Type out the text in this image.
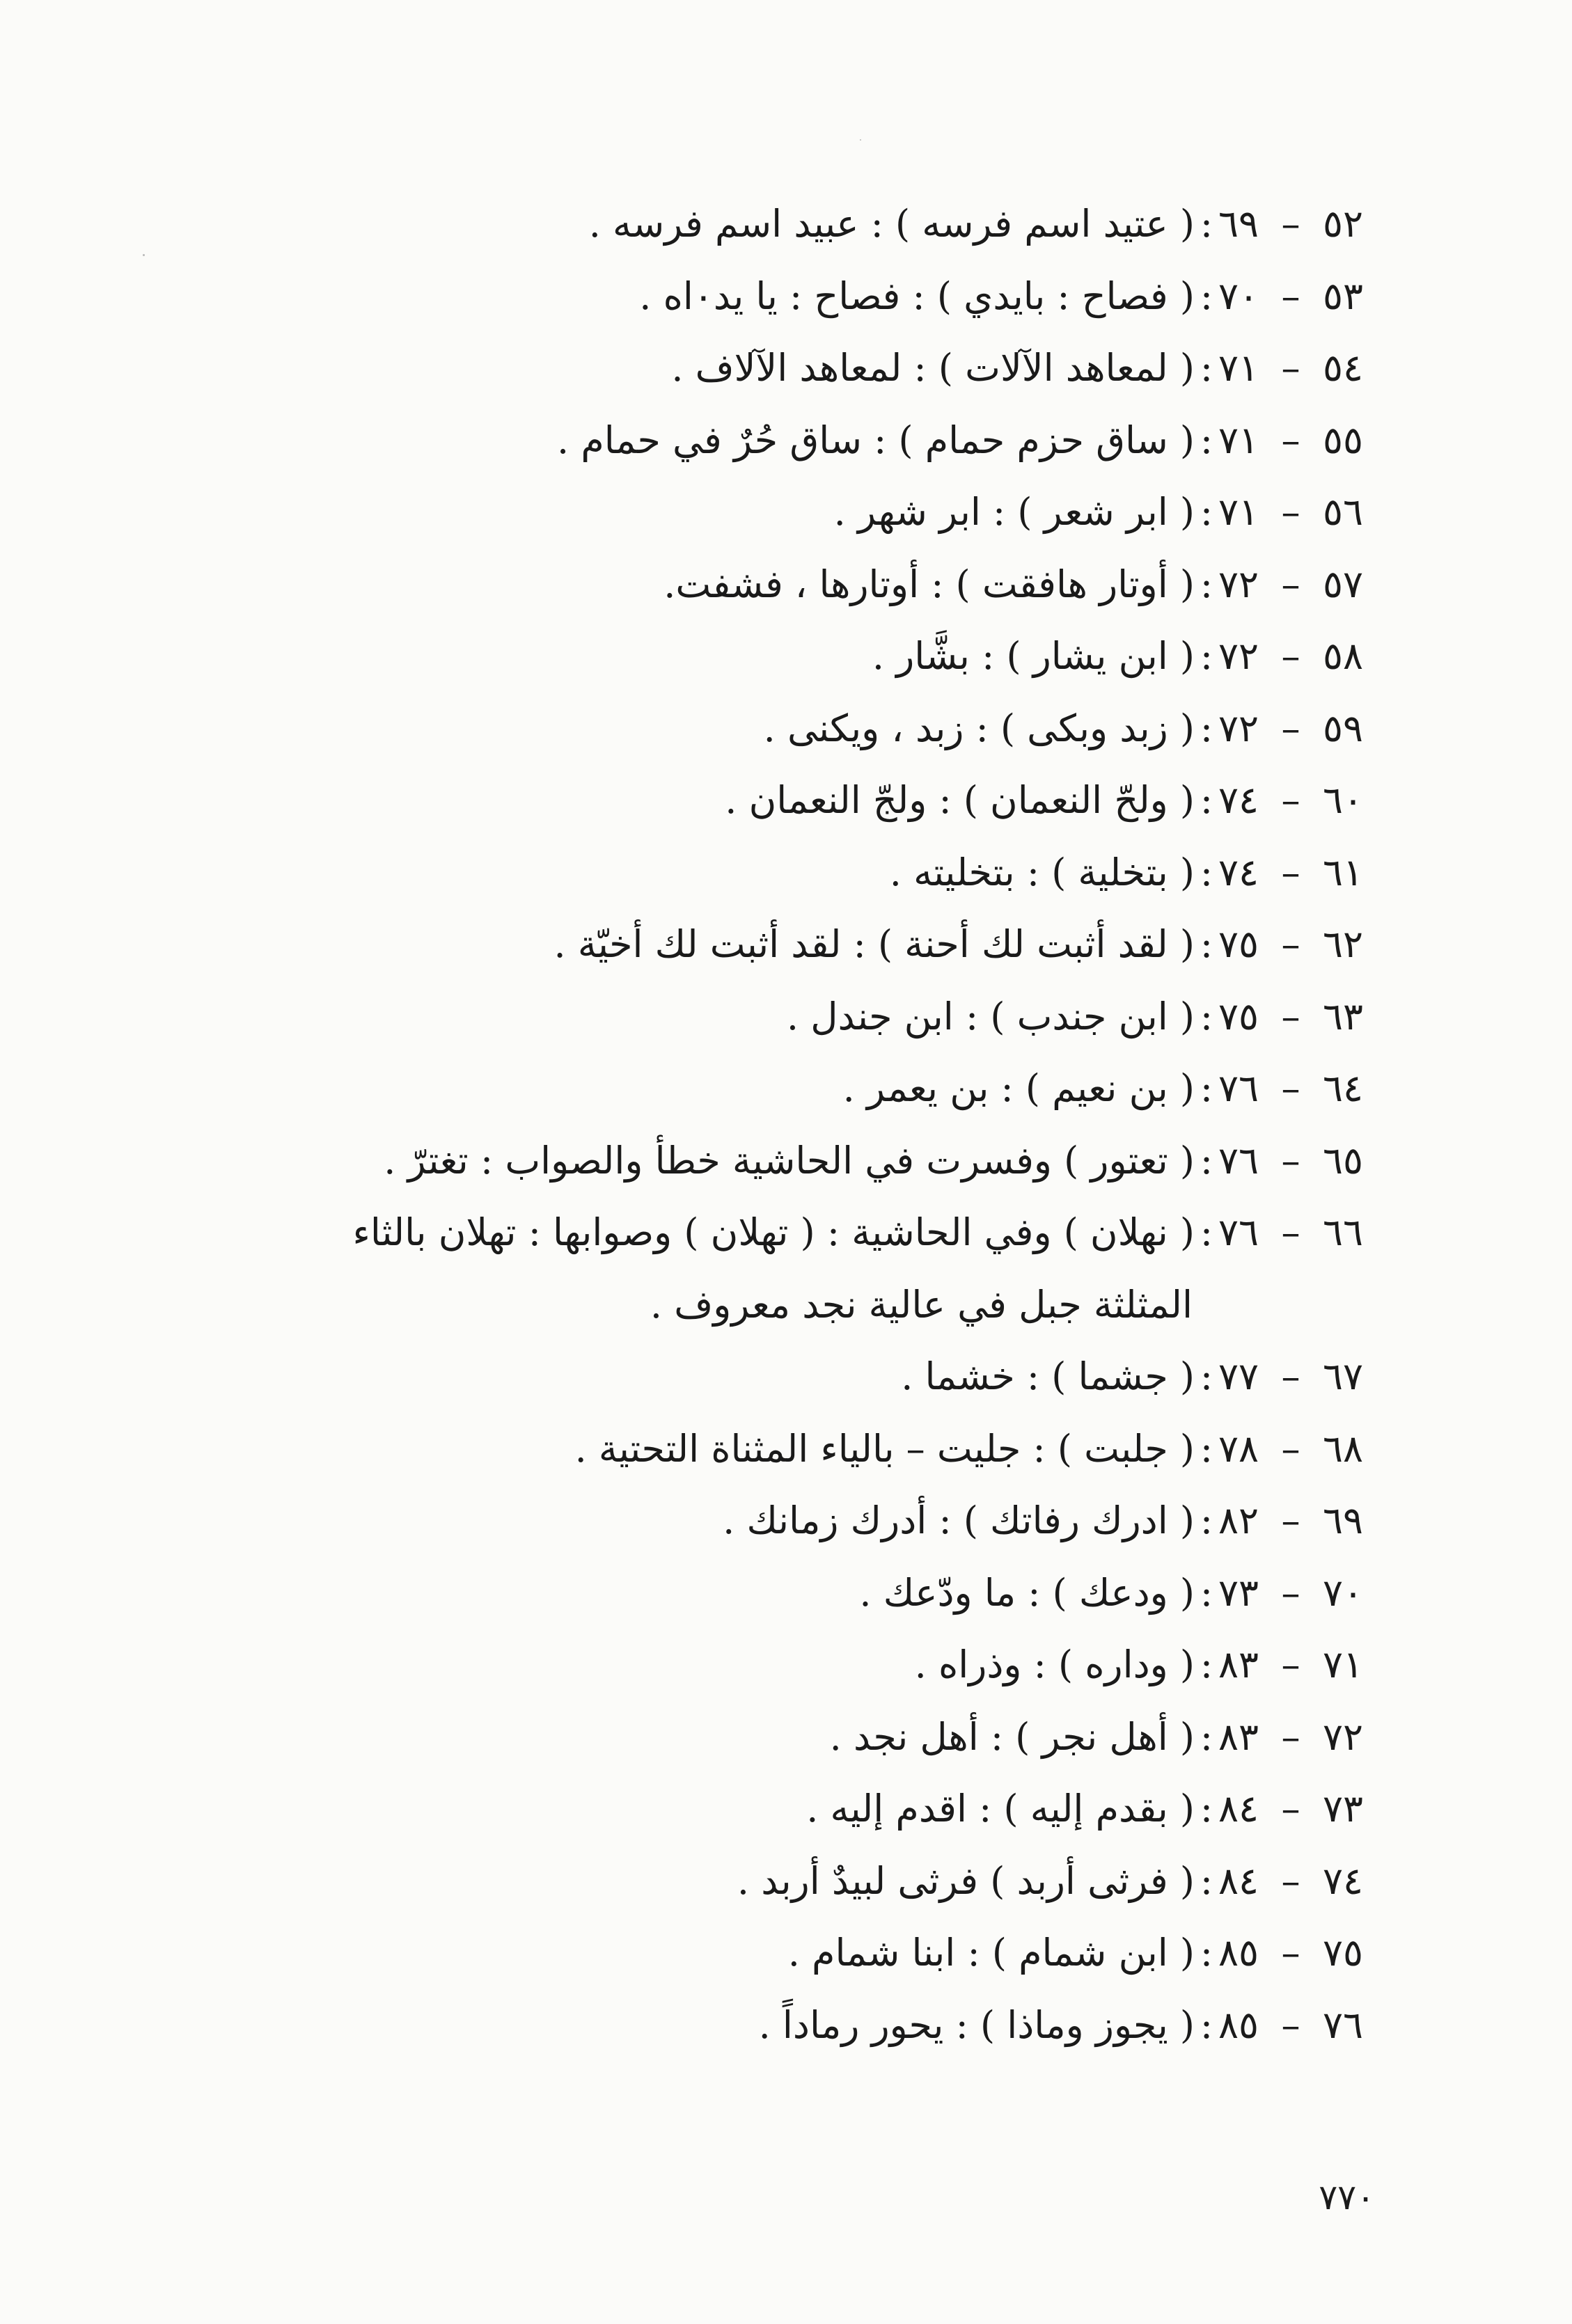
٥٢–٦٩:( عتيد اسم فرسه ) : عبيد اسم فرسه .
٥٣–٧٠:( فصاح : بايدي ) : فصاح : يا يد٠اه .
٥٤–٧١:( لمعاهد الآلات ) : لمعاهد الآلاف .
٥٥–٧١:( ساق حزم حمام ) : ساق حُرٌ في حمام .
٥٦–٧١:( ابر شعر ) : ابر شهر .
٥٧–٧٢:( أوتار هافقت ) : أوتارها ، فشفت.
٥٨–٧٢:( ابن يشار ) : بشَّار .
٥٩–٧٢:( زبد وبكى ) : زبد ، ويكنى .
٦٠–٧٤:( ولحّ النعمان ) : ولجّ النعمان .
٦١–٧٤:( بتخلية ) : بتخليته .
٦٢–٧٥:( لقد أثبت لك أحنة ) : لقد أثبت لك أخيّة .
٦٣–٧٥:( ابن جندب ) : ابن جندل .
٦٤–٧٦:( بن نعيم ) : بن يعمر .
٦٥–٧٦:( تعتور ) وفسرت في الحاشية خطأ والصواب : تغترّ .
٦٦–٧٦:( نهلان ) وفي الحاشية : ( تهلان ) وصوابها : تهلان بالثاء
المثلثة جبل في عالية نجد معروف .
٦٧–٧٧:( جشما ) : خشما .
٦٨–٧٨:( جلبت ) : جليت – بالياء المثناة التحتية .
٦٩–٨٢:( ادرك رفاتك ) : أدرك زمانك .
٧٠–٧٣:( ودعك ) : ما ودّعك .
٧١–٨٣:( وداره ) : وذراه .
٧٢–٨٣:( أهل نجر ) : أهل نجد .
٧٣–٨٤:( بقدم إليه ) : اقدم إليه .
٧٤–٨٤:( فرثى أربد ) فرثى لبيدٌ أربد .
٧٥–٨٥:( ابن شمام ) : ابنا شمام .
٧٦–٨٥:( يجوز وماذا ) : يحور رماداً .
٧٧٠
